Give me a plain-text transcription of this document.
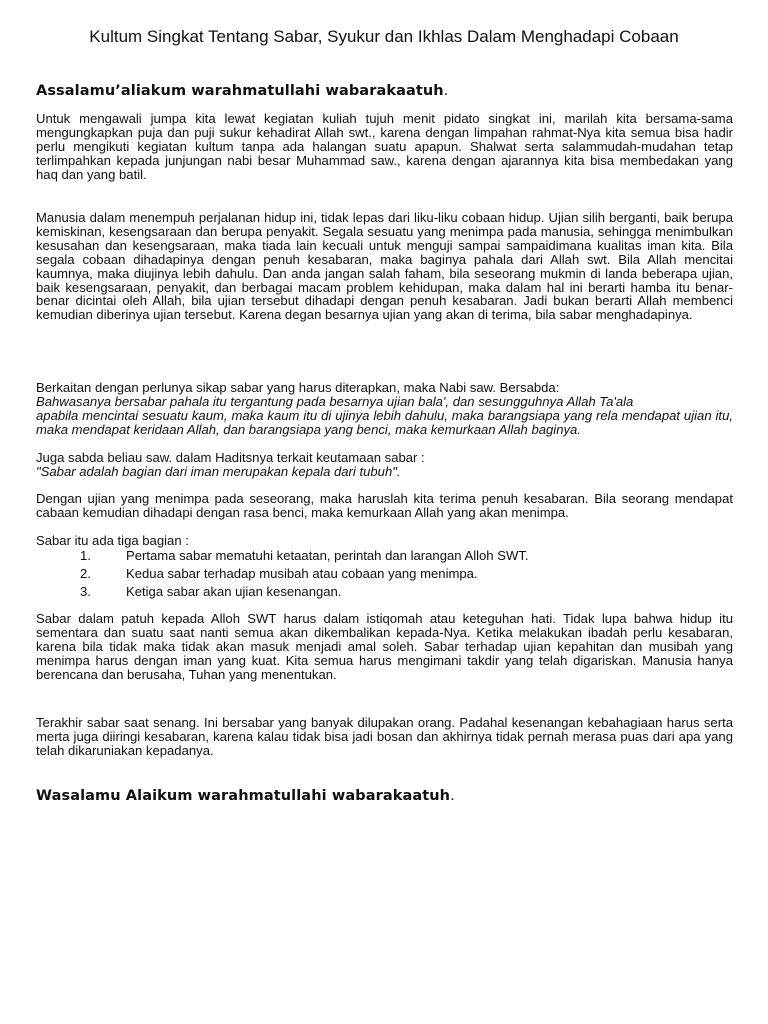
Kultum Singkat Tentang Sabar, Syukur dan Ikhlas Dalam Menghadapi Cobaan
Assalamu’aliakum warahmatullahi wabarakaatuh.

Untuk mengawali jumpa kita lewat kegiatan kuliah tujuh menit pidato singkat ini, marilah kita bersama-sama mengungkapkan puja dan puji sukur kehadirat Allah swt., karena dengan limpahan rahmat-Nya kita semua bisa hadir perlu mengikuti kegiatan kultum tanpa ada halangan suatu apapun. Shalwat serta salammudah-mudahan tetap terlimpahkan kepada junjungan nabi besar Muhammad saw., karena dengan ajarannya kita bisa membedakan yang haq dan yang batil.

Manusia dalam menempuh perjalanan hidup ini, tidak lepas dari liku-liku cobaan hidup. Ujian silih berganti, baik berupa kemiskinan, kesengsaraan dan berupa penyakit. Segala sesuatu yang menimpa pada manusia, sehingga menimbulkan kesusahan dan kesengsaraan, maka tiada lain kecuali untuk menguji sampai sampaidimana kualitas iman kita. Bila segala cobaan dihadapinya dengan penuh kesabaran, maka baginya pahala dari Allah swt. Bila Allah mencitai kaumnya, maka diujinya lebih dahulu. Dan anda jangan salah faham, bila seseorang mukmin di landa beberapa ujian, baik kesengsaraan, penyakit, dan berbagai macam problem kehidupan, maka dalam hal ini berarti hamba itu benar-benar dicintai oleh Allah, bila ujian tersebut dihadapi dengan penuh kesabaran. Jadi bukan berarti Allah membenci kemudian diberinya ujian tersebut. Karena degan besarnya ujian yang akan di terima, bila sabar menghadapinya.

Berkaitan dengan perlunya sikap sabar yang harus diterapkan, maka Nabi saw. Bersabda:

Bahwasanya bersabar pahala itu tergantung pada besarnya ujian bala', dan sesungguhnya Allah Ta'ala

apabila mencintai sesuatu kaum, maka kaum itu di ujinya lebih dahulu, maka barangsiapa yang rela mendapat ujian itu, maka mendapat keridaan Allah, dan barangsiapa yang benci, maka kemurkaan Allah baginya.

Juga sabda beliau saw. dalam Haditsnya terkait keutamaan sabar :

"Sabar adalah bagian dari iman merupakan kepala dari tubuh".

Dengan ujian yang menimpa pada seseorang, maka haruslah kita terima penuh kesabaran. Bila seorang mendapat cabaan kemudian dihadapi dengan rasa benci, maka kemurkaan Allah yang akan menimpa.

Sabar itu ada tiga bagian :

1.	Pertama sabar mematuhi ketaatan, perintah dan larangan Alloh SWT.
2.	Kedua sabar terhadap musibah atau cobaan yang menimpa.
3.	Ketiga sabar akan ujian kesenangan.

Sabar dalam patuh kepada Alloh SWT harus dalam istiqomah atau keteguhan hati. Tidak lupa bahwa hidup itu sementara dan suatu saat nanti semua akan dikembalikan kepada-Nya. Ketika melakukan ibadah perlu kesabaran, karena bila tidak maka tidak akan masuk menjadi amal soleh. Sabar terhadap ujian kepahitan dan musibah yang menimpa harus dengan iman yang kuat. Kita semua harus mengimani takdir yang telah digariskan. Manusia hanya berencana dan berusaha, Tuhan yang menentukan.

Terakhir sabar saat senang. Ini bersabar yang banyak dilupakan orang. Padahal kesenangan kebahagiaan harus serta merta juga diiringi kesabaran, karena kalau tidak bisa jadi bosan dan akhirnya tidak pernah merasa puas dari apa yang telah dikaruniakan kepadanya.

Wasalamu Alaikum warahmatullahi wabarakaatuh.
